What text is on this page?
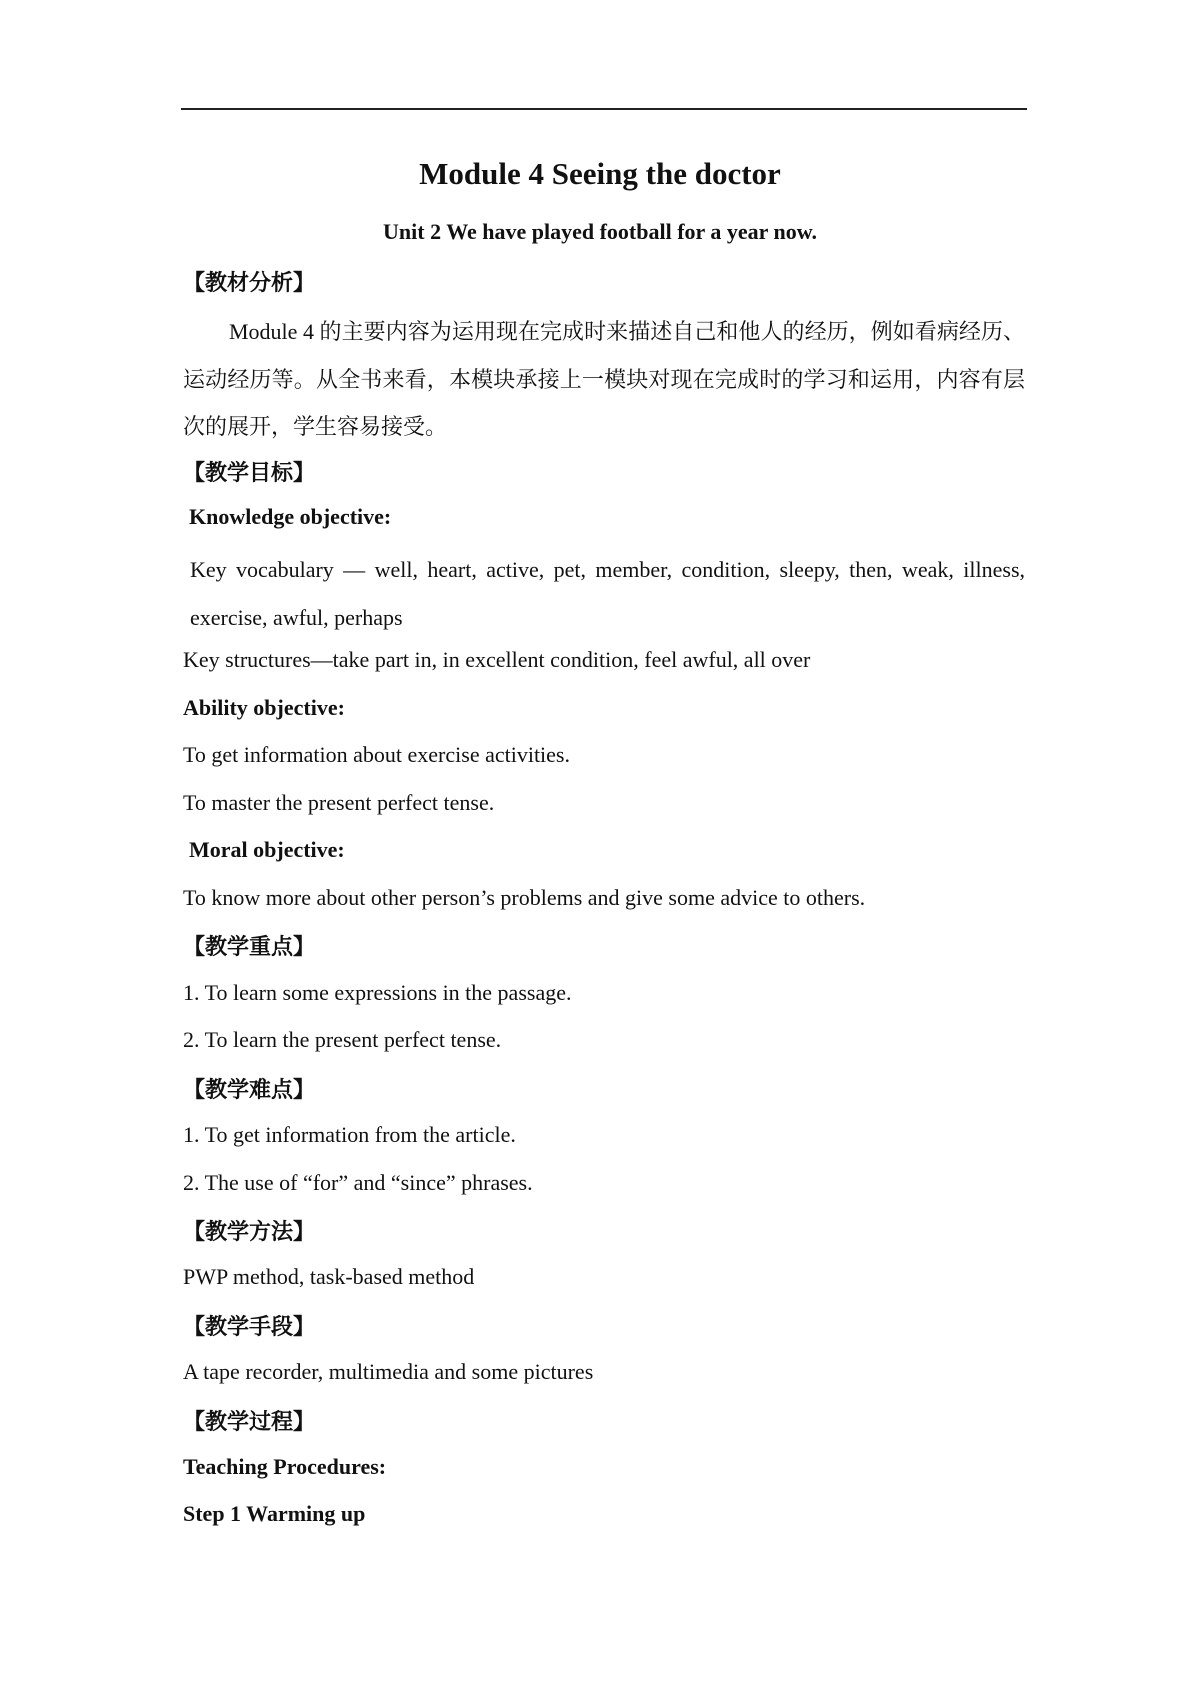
Module 4 Seeing the doctor
Unit 2 We have played football for a year now.
【教材分析】
Module 4 的主要内容为运用现在完成时来描述自己和他人的经历，例如看病经历、运动经历等。从全书来看，本模块承接上一模块对现在完成时的学习和运用，内容有层次的展开，学生容易接受。
【教学目标】
Knowledge objective:
Key vocabulary — well, heart, active, pet, member, condition, sleepy, then, weak, illness, exercise, awful, perhaps
Key structures—take part in, in excellent condition, feel awful, all over
Ability objective:
To get information about exercise activities.
To master the present perfect tense.
Moral objective:
To know more about other person’s problems and give some advice to others.
【教学重点】
1. To learn some expressions in the passage.
2. To learn the present perfect tense.
【教学难点】
1. To get information from the article.
2. The use of “for” and “since” phrases.
【教学方法】
PWP method, task-based method
【教学手段】
A tape recorder, multimedia and some pictures
【教学过程】
Teaching Procedures:
Step 1 Warming up
